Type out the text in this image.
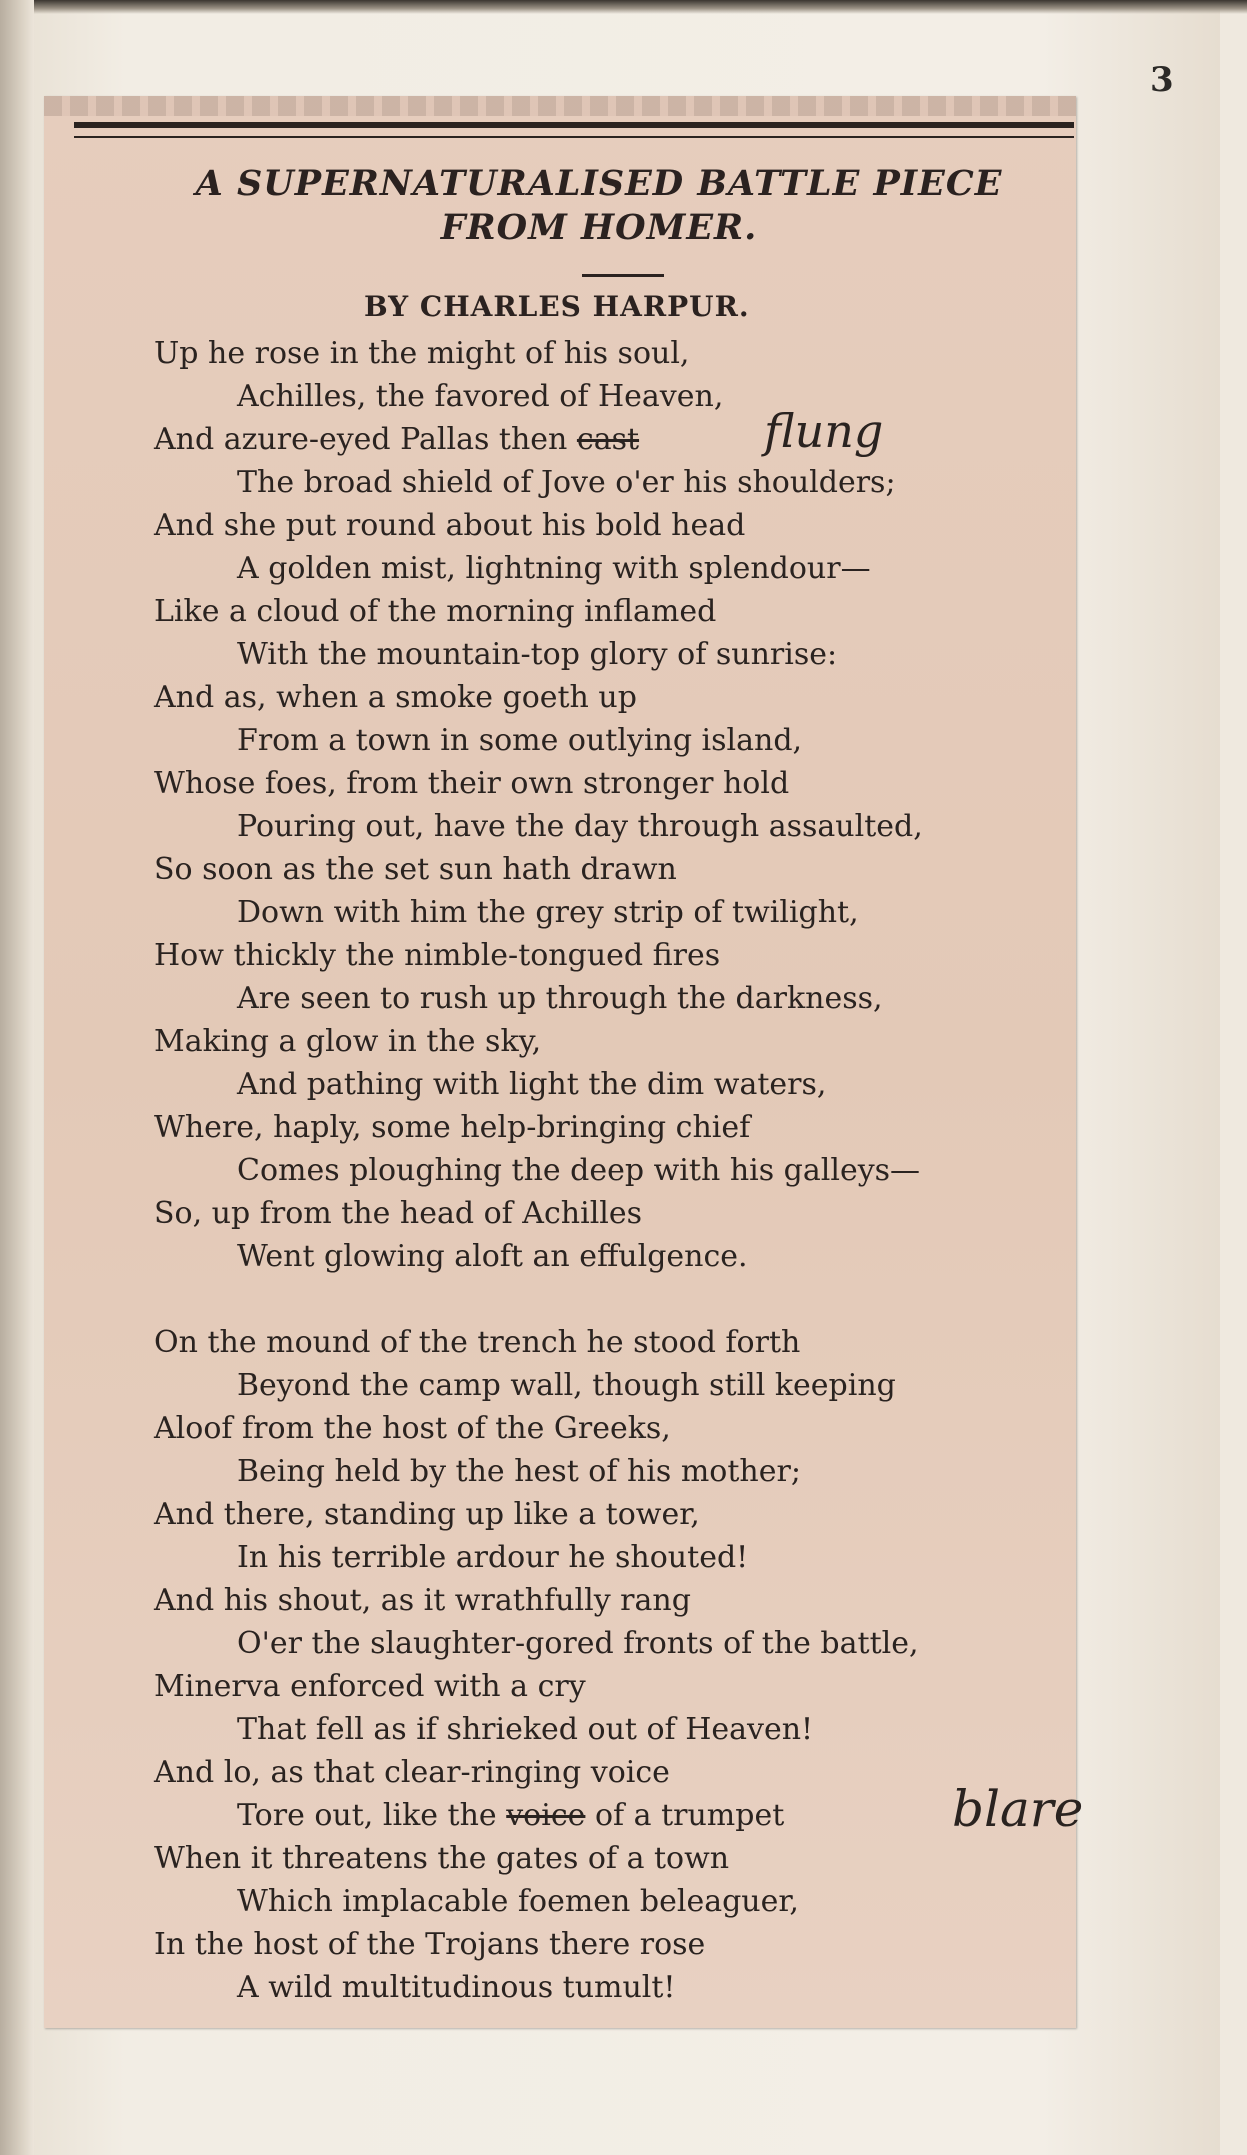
3
A SUPERNATURALISED BATTLE PIECE
FROM HOMER.
BY CHARLES HARPUR.
Up he rose in the might of his soul,
Achilles, the favored of Heaven,
And azure-eyed Pallas then cast	flung
The broad shield of Jove o'er his shoulders;
And she put round about his bold head
A golden mist, lightning with splendour—
Like a cloud of the morning inflamed
With the mountain-top glory of sunrise:
And as, when a smoke goeth up
From a town in some outlying island,
Whose foes, from their own stronger hold
Pouring out, have the day through assaulted,
So soon as the set sun hath drawn
Down with him the grey strip of twilight,
How thickly the nimble-tongued fires
Are seen to rush up through the darkness,
Making a glow in the sky,
And pathing with light the dim waters,
Where, haply, some help-bringing chief
Comes ploughing the deep with his galleys—
So, up from the head of Achilles
Went glowing aloft an effulgence.
On the mound of the trench he stood forth
Beyond the camp wall, though still keeping
Aloof from the host of the Greeks,
Being held by the hest of his mother;
And there, standing up like a tower,
In his terrible ardour he shouted!
And his shout, as it wrathfully rang
O'er the slaughter-gored fronts of the battle,
Minerva enforced with a cry
That fell as if shrieked out of Heaven!
And lo, as that clear-ringing voice
Tore out, like the voice of a trumpet	blare
When it threatens the gates of a town
Which implacable foemen beleaguer,
In the host of the Trojans there rose
A wild multitudinous tumult!
